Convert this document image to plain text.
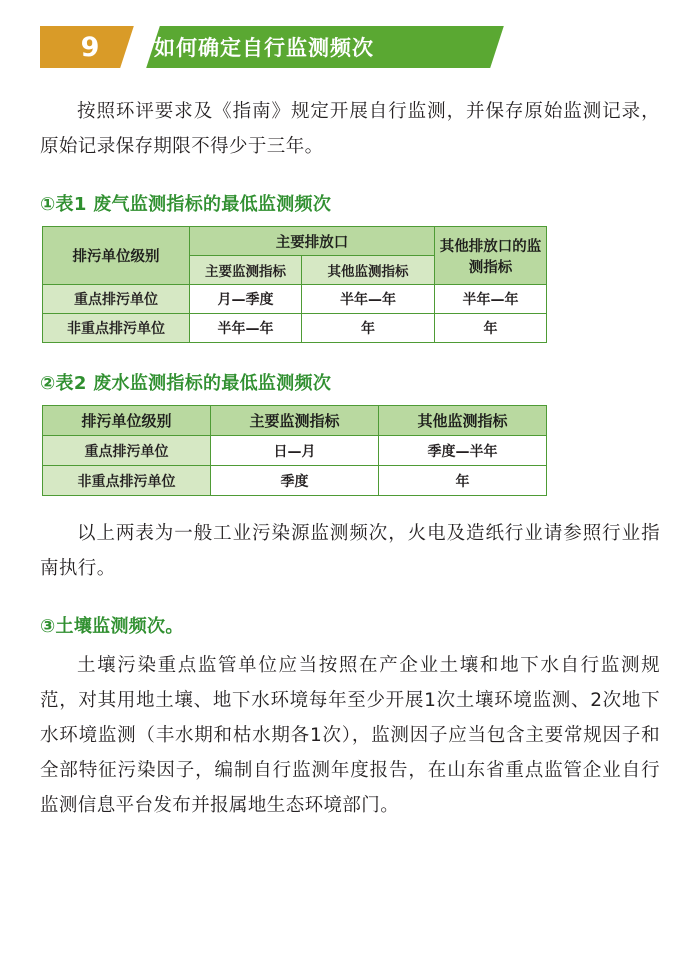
9	如何确定自行监测频次

按照环评要求及《指南》规定开展自行监测，并保存原始监测记录，原始记录保存期限不得少于三年。

①表1 废气监测指标的最低监测频次
排污单位级别	主要排放口		其他排放口的监测指标
	主要监测指标	其他监测指标	
重点排污单位	月—季度	半年—年	半年—年
非重点排污单位	半年—年	年	年
②表2 废水监测指标的最低监测频次
排污单位级别	主要监测指标	其他监测指标
重点排污单位	日—月	季度—半年
非重点排污单位	季度	年

以上两表为一般工业污染源监测频次，火电及造纸行业请参照行业指南执行。

③土壤监测频次。

土壤污染重点监管单位应当按照在产企业土壤和地下水自行监测规范，对其用地土壤、地下水环境每年至少开展1次土壤环境监测、2次地下水环境监测（丰水期和枯水期各1次），监测因子应当包含主要常规因子和全部特征污染因子，编制自行监测年度报告，在山东省重点监管企业自行监测信息平台发布并报属地生态环境部门。
